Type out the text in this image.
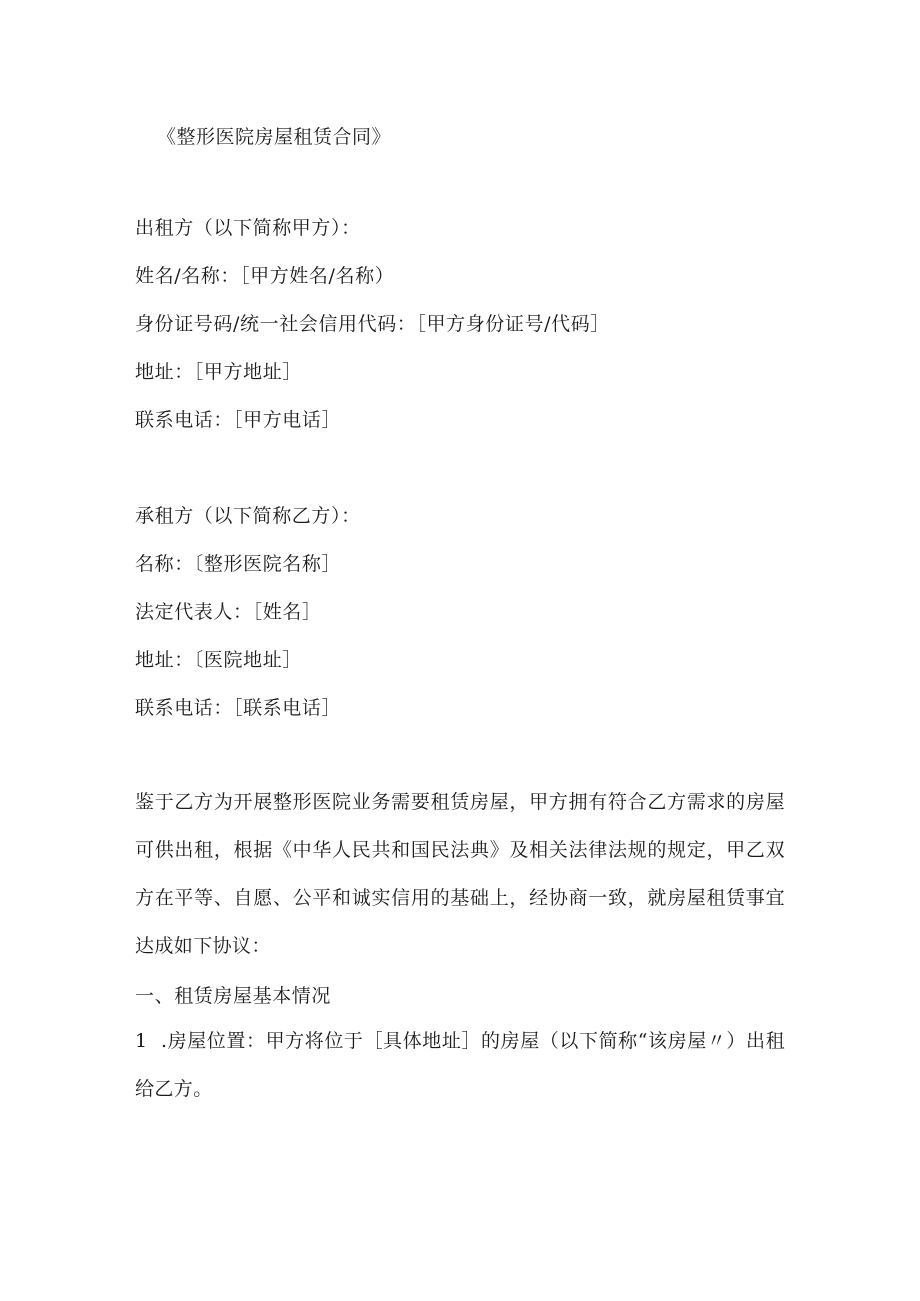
《整形医院房屋租赁合同》
出租方（以下简称甲方）：
姓名/名称：［甲方姓名/名称）
身份证号码/统一社会信用代码：［甲方身份证号/代码］
地址：［甲方地址］
联系电话：［甲方电话］
承租方（以下简称乙方）：
名称：〔整形医院名称］
法定代表人：［姓名］
地址：〔医院地址］
联系电话：［联系电话］
鉴于乙方为开展整形医院业务需要租赁房屋，甲方拥有符合乙方需求的房屋可供出租，根据《中华人民共和国民法典》及相关法律法规的规定，甲乙双方在平等、自愿、公平和诚实信用的基础上，经协商一致，就房屋租赁事宜达成如下协议：
一、租赁房屋基本情况
1 .房屋位置：甲方将位于［具体地址］的房屋（以下简称“该房屋〃）出租给乙方。
